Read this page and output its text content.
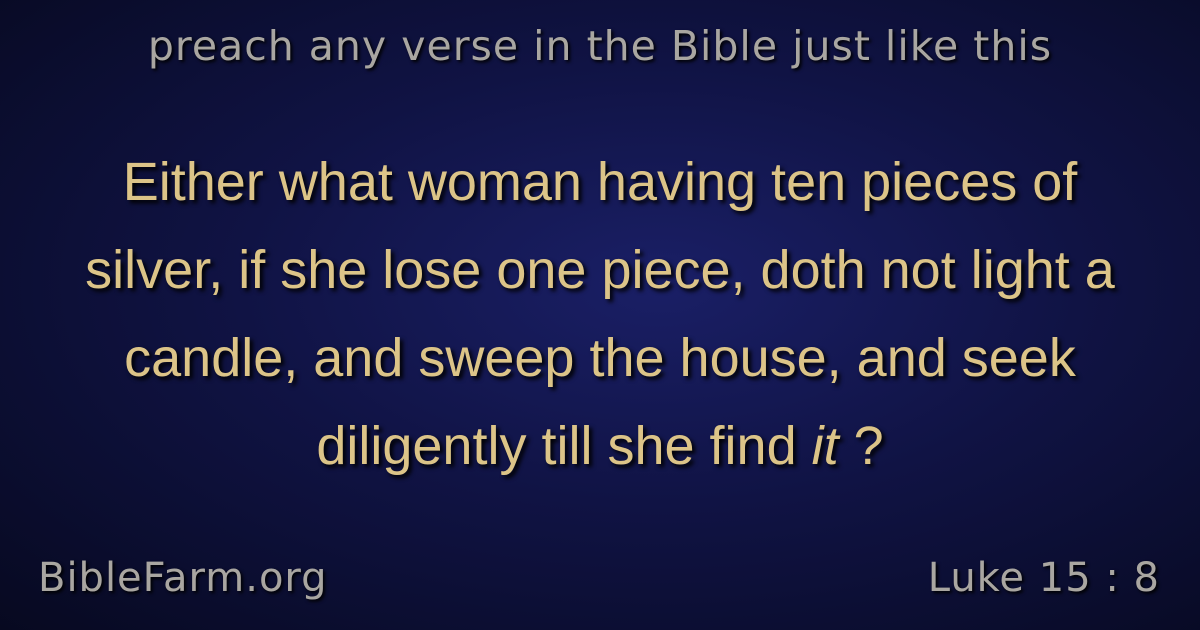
preach any verse in the Bible just like this
Either what woman having ten pieces of
silver, if she lose one piece, doth not light a
candle, and sweep the house, and seek
diligently till she find it ?
BibleFarm.org	Luke 15 : 8
